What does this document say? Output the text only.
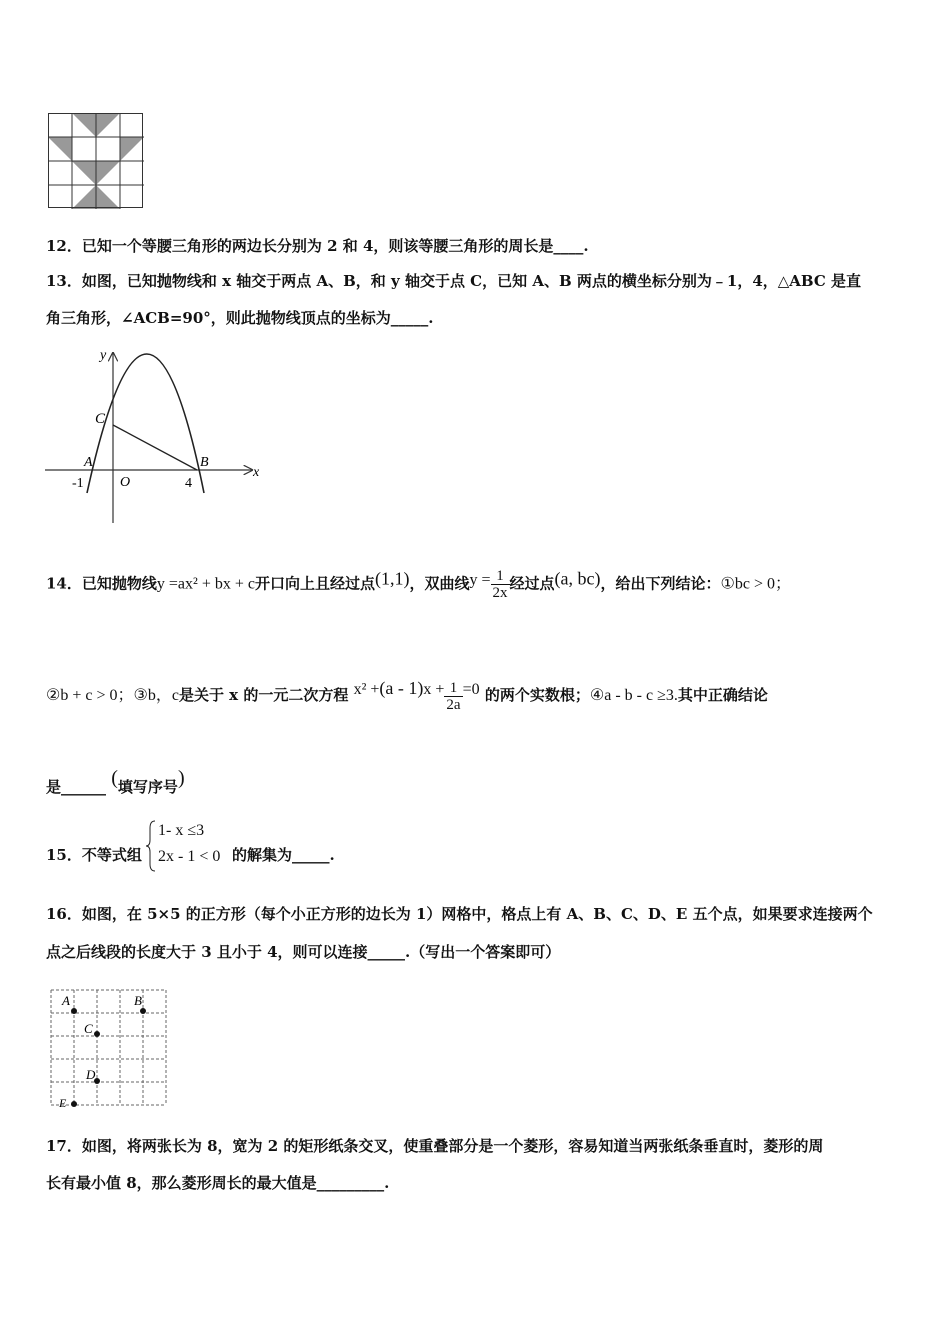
12．已知一个等腰三角形的两边长分别为 2 和 4，则该等腰三角形的周长是____.
13．如图，已知抛物线和 x 轴交于两点 A、B，和 y 轴交于点 C，已知 A、B 两点的横坐标分别为﹣1，4，△ABC 是直
角三角形，∠ACB=90°，则此抛物线顶点的坐标为_____.
y
x
C
A	B
O
-1	4
14．已知抛物线y =ax² + bx + c开口向上且经过点(1,1)，双曲线$y = \frac{1}{2x}$ 经过点(a, bc)，给出下列结论：①bc > 0；
②b + c > 0；③b，c是关于 x 的一元二次方程 $x^2 +(a - 1)x + \frac{1}{2a} =0$ 的两个实数根；④a - b - c ≥3.其中正确结论
是______ (填写序号)
15．不等式组
1- x ≤3
2x - 1 < 0 的解集为_____.
16．如图，在 5×5 的正方形（每个小正方形的边长为 1）网格中，格点上有 A、B、C、D、E 五个点，如果要求连接两个
点之后线段的长度大于 3 且小于 4，则可以连接_____.（写出一个答案即可）
A	B
C
D
E
17．如图，将两张长为 8，宽为 2 的矩形纸条交叉，使重叠部分是一个菱形，容易知道当两张纸条垂直时，菱形的周
长有最小值 8，那么菱形周长的最大值是_________.
